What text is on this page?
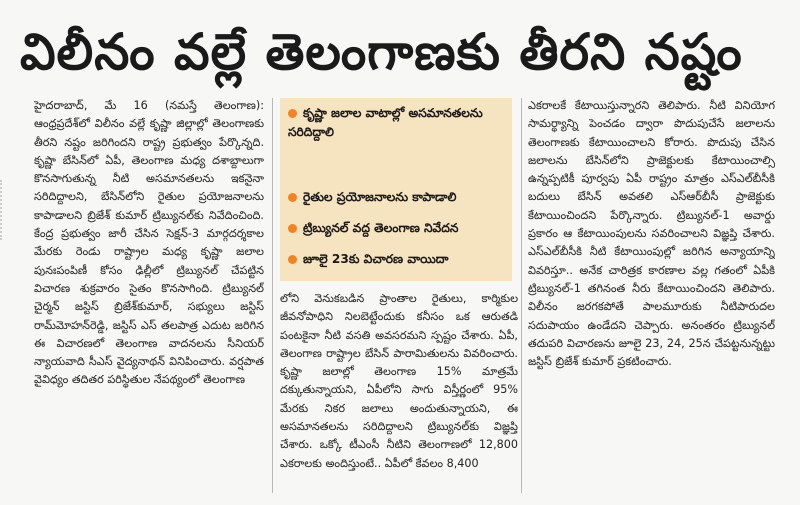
విలీనం వల్లే తెలంగాణకు తీరని నష్టం

హైదరాబాద్, మే 16 (నమస్తే తెలంగాణ): ఆంధ్రప్రదేశ్‌లో విలీనం వల్లే కృష్ణా జిల్లాల్లో తెలంగాణకు తీరని నష్టం జరిగిందని రాష్ట్ర ప్రభుత్వం పేర్కొన్నది. కృష్ణా బేసిన్‌లో ఏపీ, తెలంగాణ మధ్య దశాబ్దాలుగా కొనసాగుతున్న నీటి అసమానతలను ఇకనైనా సరిదిద్దాలని, బేసిన్‌లోని రైతుల ప్రయోజనాలను కాపాడాలని బ్రిజేశ్ కుమార్ ట్రిబ్యునల్‌కు నివేదించింది. కేంద్ర ప్రభుత్వం జారీ చేసిన సెక్షన్-3 మార్గదర్శకాల మేరకు రెండు రాష్ట్రాల మధ్య కృష్ణా జలాల పునఃపంపిణీ కోసం ఢిల్లీలో ట్రిబ్యునల్ చేపట్టిన విచారణ శుక్రవారం సైతం కొనసాగింది. ట్రిబ్యునల్ చైర్మన్ జస్టిస్ బ్రిజేశ్‌కుమార్, సభ్యులు జస్టిస్ రామ్‌మోహన్‌రెడ్డి, జస్టిస్ ఎస్ తలపాత్ర ఎదుట జరిగిన ఈ విచారణలో తెలంగాణ వాదనలను సీనియర్ న్యాయవాది సీఎస్ వైద్యనాథన్ వినిపించారు. వర్షపాత వైవిధ్యం తదితర పరిస్థితుల నేపథ్యంలో తెలంగాణ

కృష్ణా జలాల వాటాల్లో అసమానతలను సరిదిద్దాలి
రైతుల ప్రయోజనాలను కాపాడాలి
ట్రిబ్యునల్ వద్ద తెలంగాణ నివేదన
జూలై 23కు విచారణ వాయిదా

లోని వెనుకబడిన ప్రాంతాల రైతులు, కార్మికుల జీవనోపాధిని నిలబెట్టేందుకు కనీసం ఒక ఆరుతడి పంటకైనా నీటి వసతి అవసరమని స్పష్టం చేశారు. ఏపీ, తెలంగాణ రాష్ట్రాల బేసిన్ పారామితులను వివరించారు. కృష్ణా జలాల్లో తెలంగాణ 15% మాత్రమే దక్కుతున్నాయని, ఏపీలోని సాగు విస్తీర్ణంలో 95% మేరకు నికర జలాలు అందుతున్నాయని, ఈ అసమానతలను సరిదిద్దాలని ట్రిబ్యునల్‌కు విజ్ఞప్తి చేశారు. ఒక్కో టీఎంసీ నీటిని తెలంగాణలో 12,800 ఎకరాలకు అందిస్తుంటే.. ఏపీలో కేవలం 8,400

ఎకరాలకే కేటాయిస్తున్నారని తెలిపారు. నీటి వినియోగ సామర్థ్యాన్ని పెంచడం ద్వారా పొదుపుచేసే జలాలను తెలంగాణకు కేటాయించాలని కోరారు. పొదుపు చేసిన జలాలను బేసిన్‌లోని ప్రాజెక్టులకు కేటాయించాల్సి ఉన్నప్పటికీ పూర్వపు ఏపీ రాష్ట్రం మాత్రం ఎస్ఎల్‌బీసీకి బదులు బేసిన్ అవతలి ఎస్ఆర్‌బీసీ ప్రాజెక్టుకు కేటాయించిందని పేర్కొన్నారు. ట్రిబ్యునల్-1 అవార్డు ప్రకారం ఆ కేటాయింపులను సవరించాలని విజ్ఞప్తి చేశారు. ఎస్ఎల్‌బీసీకి నీటి కేటాయింపుల్లో జరిగిన అన్యాయాన్ని వివరిస్తూ.. అనేక చారిత్రక కారణాల వల్ల గతంలో ఏపీకి ట్రిబ్యునల్-1 తగినంత నీరు కేటాయించిందని తెలిపారు. విలీనం జరగకపోతే పాలమూరుకు నీటిపారుదల సదుపాయం ఉండేదని చెప్పారు. అనంతరం ట్రిబ్యునల్ తదుపరి విచారణను జూలై 23, 24, 25న చేపట్టనున్నట్టు జస్టిస్ బ్రిజేశ్ కుమార్ ప్రకటించారు.
